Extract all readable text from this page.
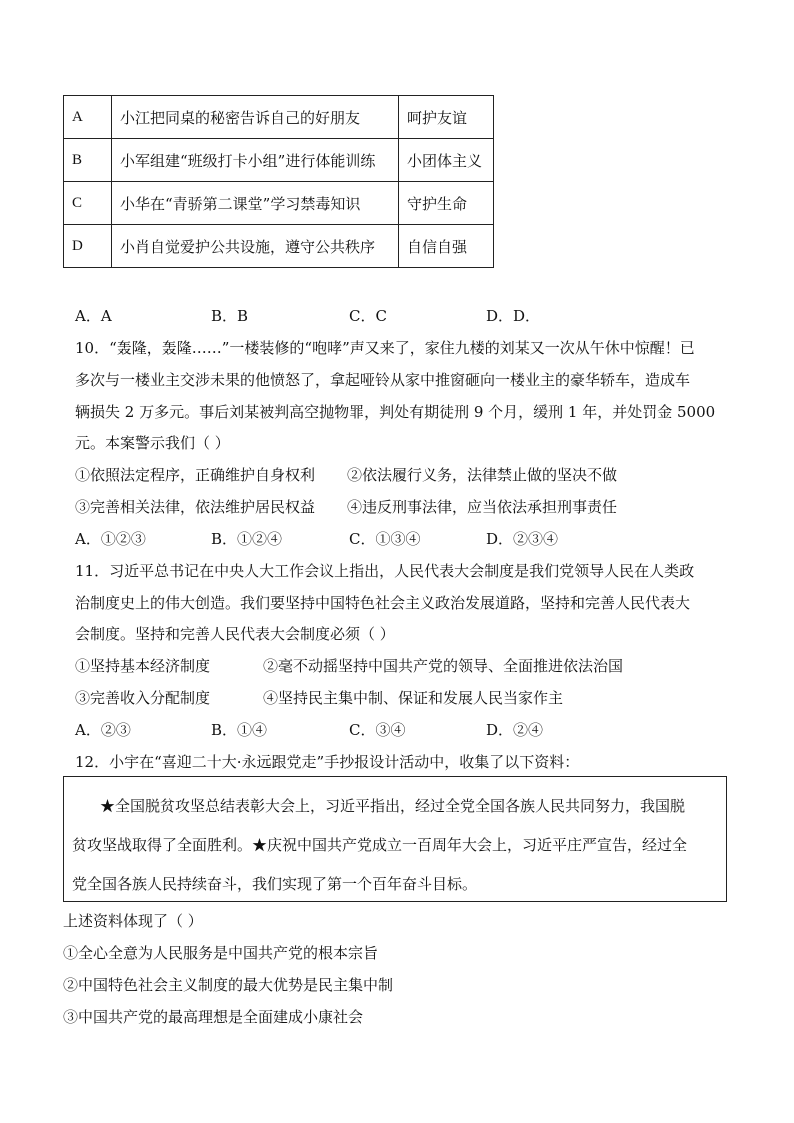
A	小江把同桌的秘密告诉自己的好朋友	呵护友谊
B	小军组建“班级打卡小组”进行体能训练	小团体主义
C	小华在“青骄第二课堂”学习禁毒知识	守护生命
D	小肖自觉爱护公共设施，遵守公共秩序	自信自强
A．A	B．B	C．C	D．D．
10．“轰隆，轰隆……”一楼装修的“咆哮”声又来了，家住九楼的刘某又一次从午休中惊醒！已
多次与一楼业主交涉未果的他愤怒了，拿起哑铃从家中推窗砸向一楼业主的豪华轿车，造成车
辆损失 2 万多元。事后刘某被判高空抛物罪，判处有期徒刑 9 个月，缓刑 1 年，并处罚金 5000
元。本案警示我们（ ）
①依照法定程序，正确维护自身权利 ②依法履行义务，法律禁止做的坚决不做
③完善相关法律，依法维护居民权益 ④违反刑事法律，应当依法承担刑事责任
A．①②③	B．①②④	C．①③④	D．②③④
11．习近平总书记在中央人大工作会议上指出，人民代表大会制度是我们党领导人民在人类政
治制度史上的伟大创造。我们要坚持中国特色社会主义政治发展道路，坚持和完善人民代表大
会制度。坚持和完善人民代表大会制度必须（ ）
①坚持基本经济制度	②毫不动摇坚持中国共产党的领导、全面推进依法治国
③完善收入分配制度	④坚持民主集中制、保证和发展人民当家作主
A．②③	B．①④	C．③④	D．②④
12．小宇在“喜迎二十大·永远跟党走”手抄报设计活动中，收集了以下资料：
★全国脱贫攻坚总结表彰大会上，习近平指出，经过全党全国各族人民共同努力，我国脱
贫攻坚战取得了全面胜利。★庆祝中国共产党成立一百周年大会上，习近平庄严宣告，经过全
党全国各族人民持续奋斗，我们实现了第一个百年奋斗目标。
上述资料体现了（ ）
①全心全意为人民服务是中国共产党的根本宗旨
②中国特色社会主义制度的最大优势是民主集中制
③中国共产党的最高理想是全面建成小康社会
